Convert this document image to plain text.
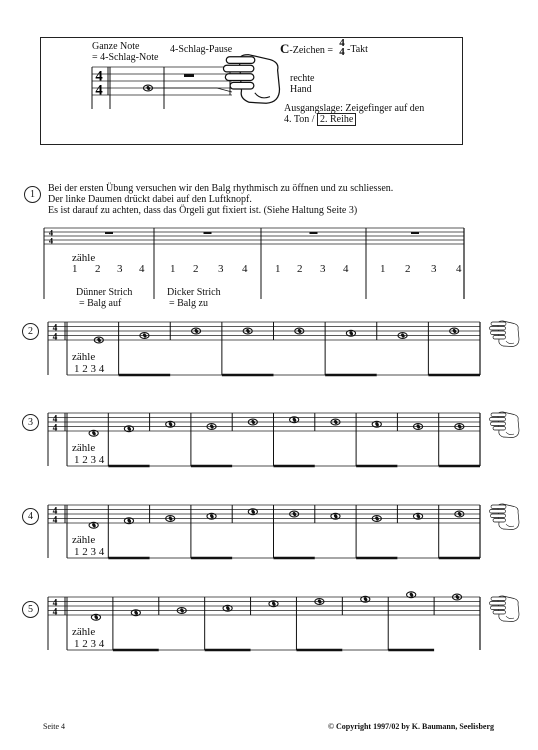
Ganze Note
= 4-Schlag-Note
4-Schlag-Pause
4
4
C-Zeichen =
4
4 -Takt
rechte
Hand
Ausgangslage: Zeigefinger auf den
4. Ton / 2. Reihe
1
Bei der ersten Übung versuchen wir den Balg rhythmisch zu öffnen und zu schliessen.
Der linke Daumen drückt dabei auf den Luftknopf.
Es ist darauf zu achten, dass das Örgeli gut fixiert ist. (Siehe Haltung Seite 3)
4
4
zähle
1 2 3 4 1 2 3 4	1 2 3 4	1 2 3 4
Dünner Strich
= Balg auf
Dicker Strich
= Balg zu
2	4
4
zähle
1 2 3 4
3	4
4
zähle
1 2 3 4
4	4
4
zähle
1 2 3 4
5
4
4
zähle
1 2 3 4
Seite 4	© Copyright 1997/02 by K. Baumann, Seelisberg
